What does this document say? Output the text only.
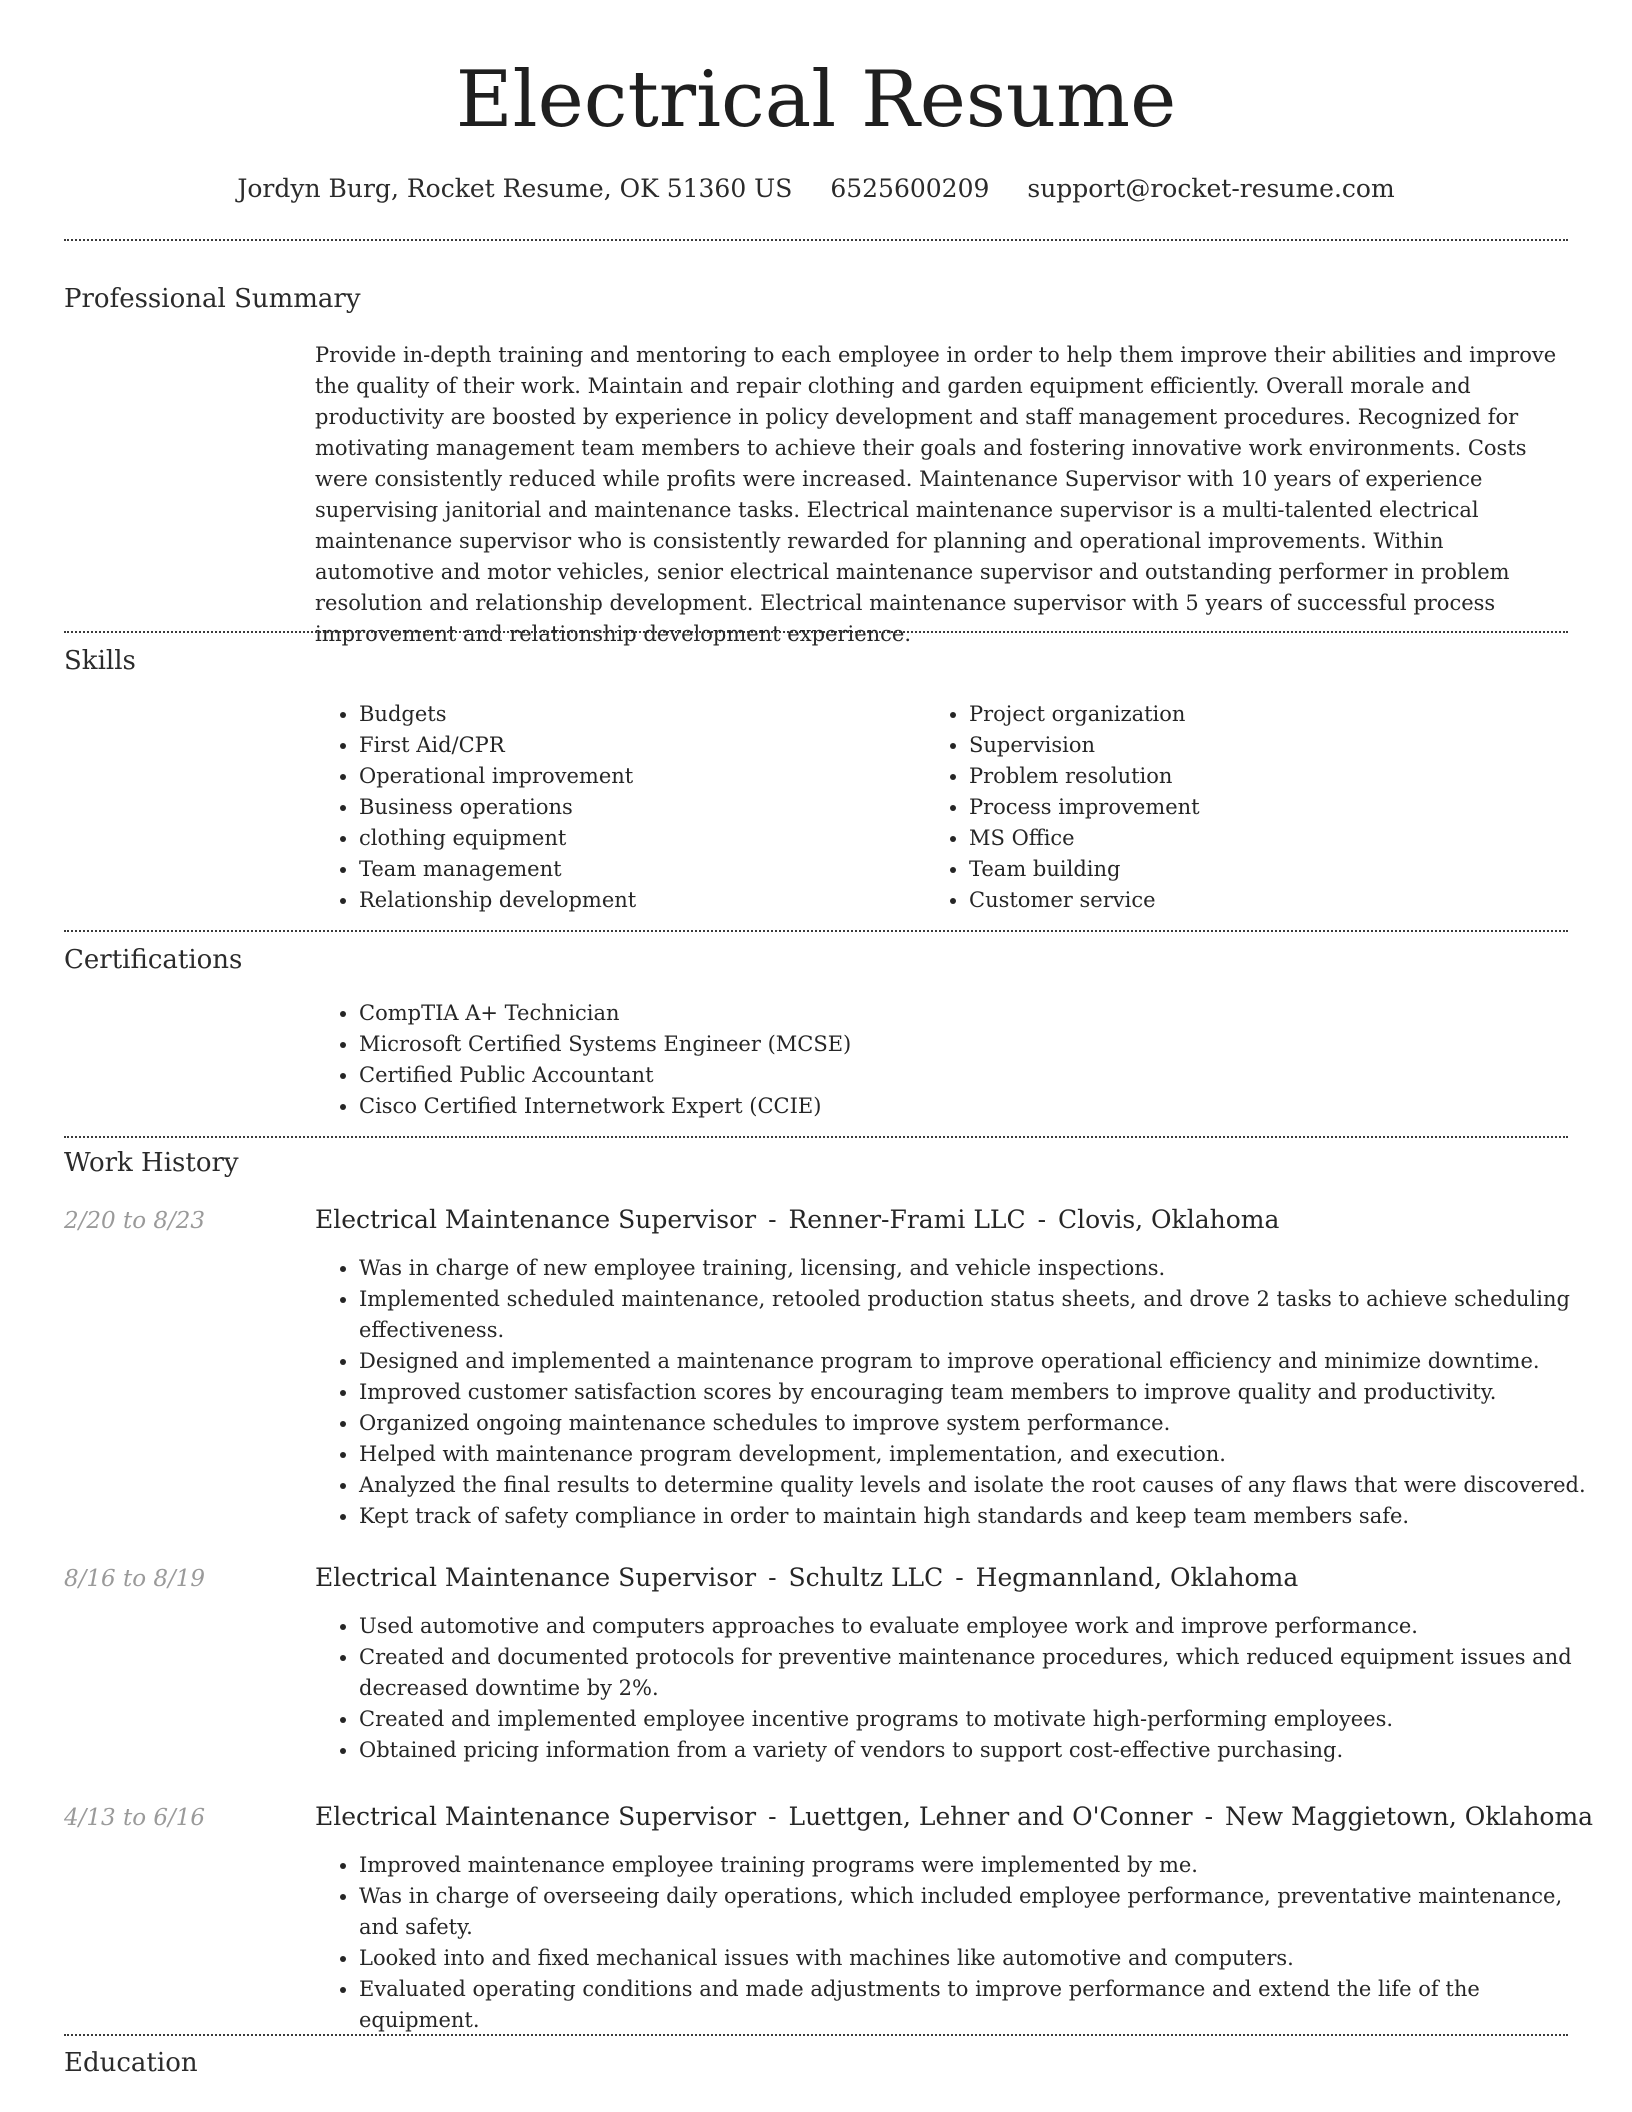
Electrical Resume
Jordyn Burg, Rocket Resume, OK 51360 US 6525600209 support@rocket-resume.com
Professional Summary

Provide in-depth training and mentoring to each employee in order to help them improve their abilities and improve the quality of their work. Maintain and repair clothing and garden equipment efficiently. Overall morale and productivity are boosted by experience in policy development and staff management procedures. Recognized for motivating management team members to achieve their goals and fostering innovative work environments. Costs were consistently reduced while profits were increased. Maintenance Supervisor with 10 years of experience supervising janitorial and maintenance tasks. Electrical maintenance supervisor is a multi-talented electrical maintenance supervisor who is consistently rewarded for planning and operational improvements. Within automotive and motor vehicles, senior electrical maintenance supervisor and outstanding performer in problem resolution and relationship development. Electrical maintenance supervisor with 5 years of successful process improvement and relationship development experience.

Skills
• Budgets
• First Aid/CPR
• Operational improvement
• Business operations
• clothing equipment
• Team management
• Relationship development
• Project organization
• Supervision
• Problem resolution
• Process improvement
• MS Office
• Team building
• Customer service
Certifications
• CompTIA A+ Technician
• Microsoft Certified Systems Engineer (MCSE)
• Certified Public Accountant
• Cisco Certified Internetwork Expert (CCIE)
Work History
2/20 to 8/23	Electrical Maintenance Supervisor - Renner-Frami LLC - Clovis, Oklahoma
• Was in charge of new employee training, licensing, and vehicle inspections.
• Implemented scheduled maintenance, retooled production status sheets, and drove 2 tasks to achieve scheduling effectiveness.
• Designed and implemented a maintenance program to improve operational efficiency and minimize downtime.
• Improved customer satisfaction scores by encouraging team members to improve quality and productivity.
• Organized ongoing maintenance schedules to improve system performance.
• Helped with maintenance program development, implementation, and execution.
• Analyzed the final results to determine quality levels and isolate the root causes of any flaws that were discovered.
• Kept track of safety compliance in order to maintain high standards and keep team members safe.
8/16 to 8/19	Electrical Maintenance Supervisor - Schultz LLC - Hegmannland, Oklahoma
• Used automotive and computers approaches to evaluate employee work and improve performance.
• Created and documented protocols for preventive maintenance procedures, which reduced equipment issues and decreased downtime by 2%.
• Created and implemented employee incentive programs to motivate high-performing employees.
• Obtained pricing information from a variety of vendors to support cost-effective purchasing.
4/13 to 6/16	Electrical Maintenance Supervisor - Luettgen, Lehner and O'Conner - New Maggietown, Oklahoma
• Improved maintenance employee training programs were implemented by me.
• Was in charge of overseeing daily operations, which included employee performance, preventative maintenance, and safety.
• Looked into and fixed mechanical issues with machines like automotive and computers.
• Evaluated operating conditions and made adjustments to improve performance and extend the life of the equipment.
Education
